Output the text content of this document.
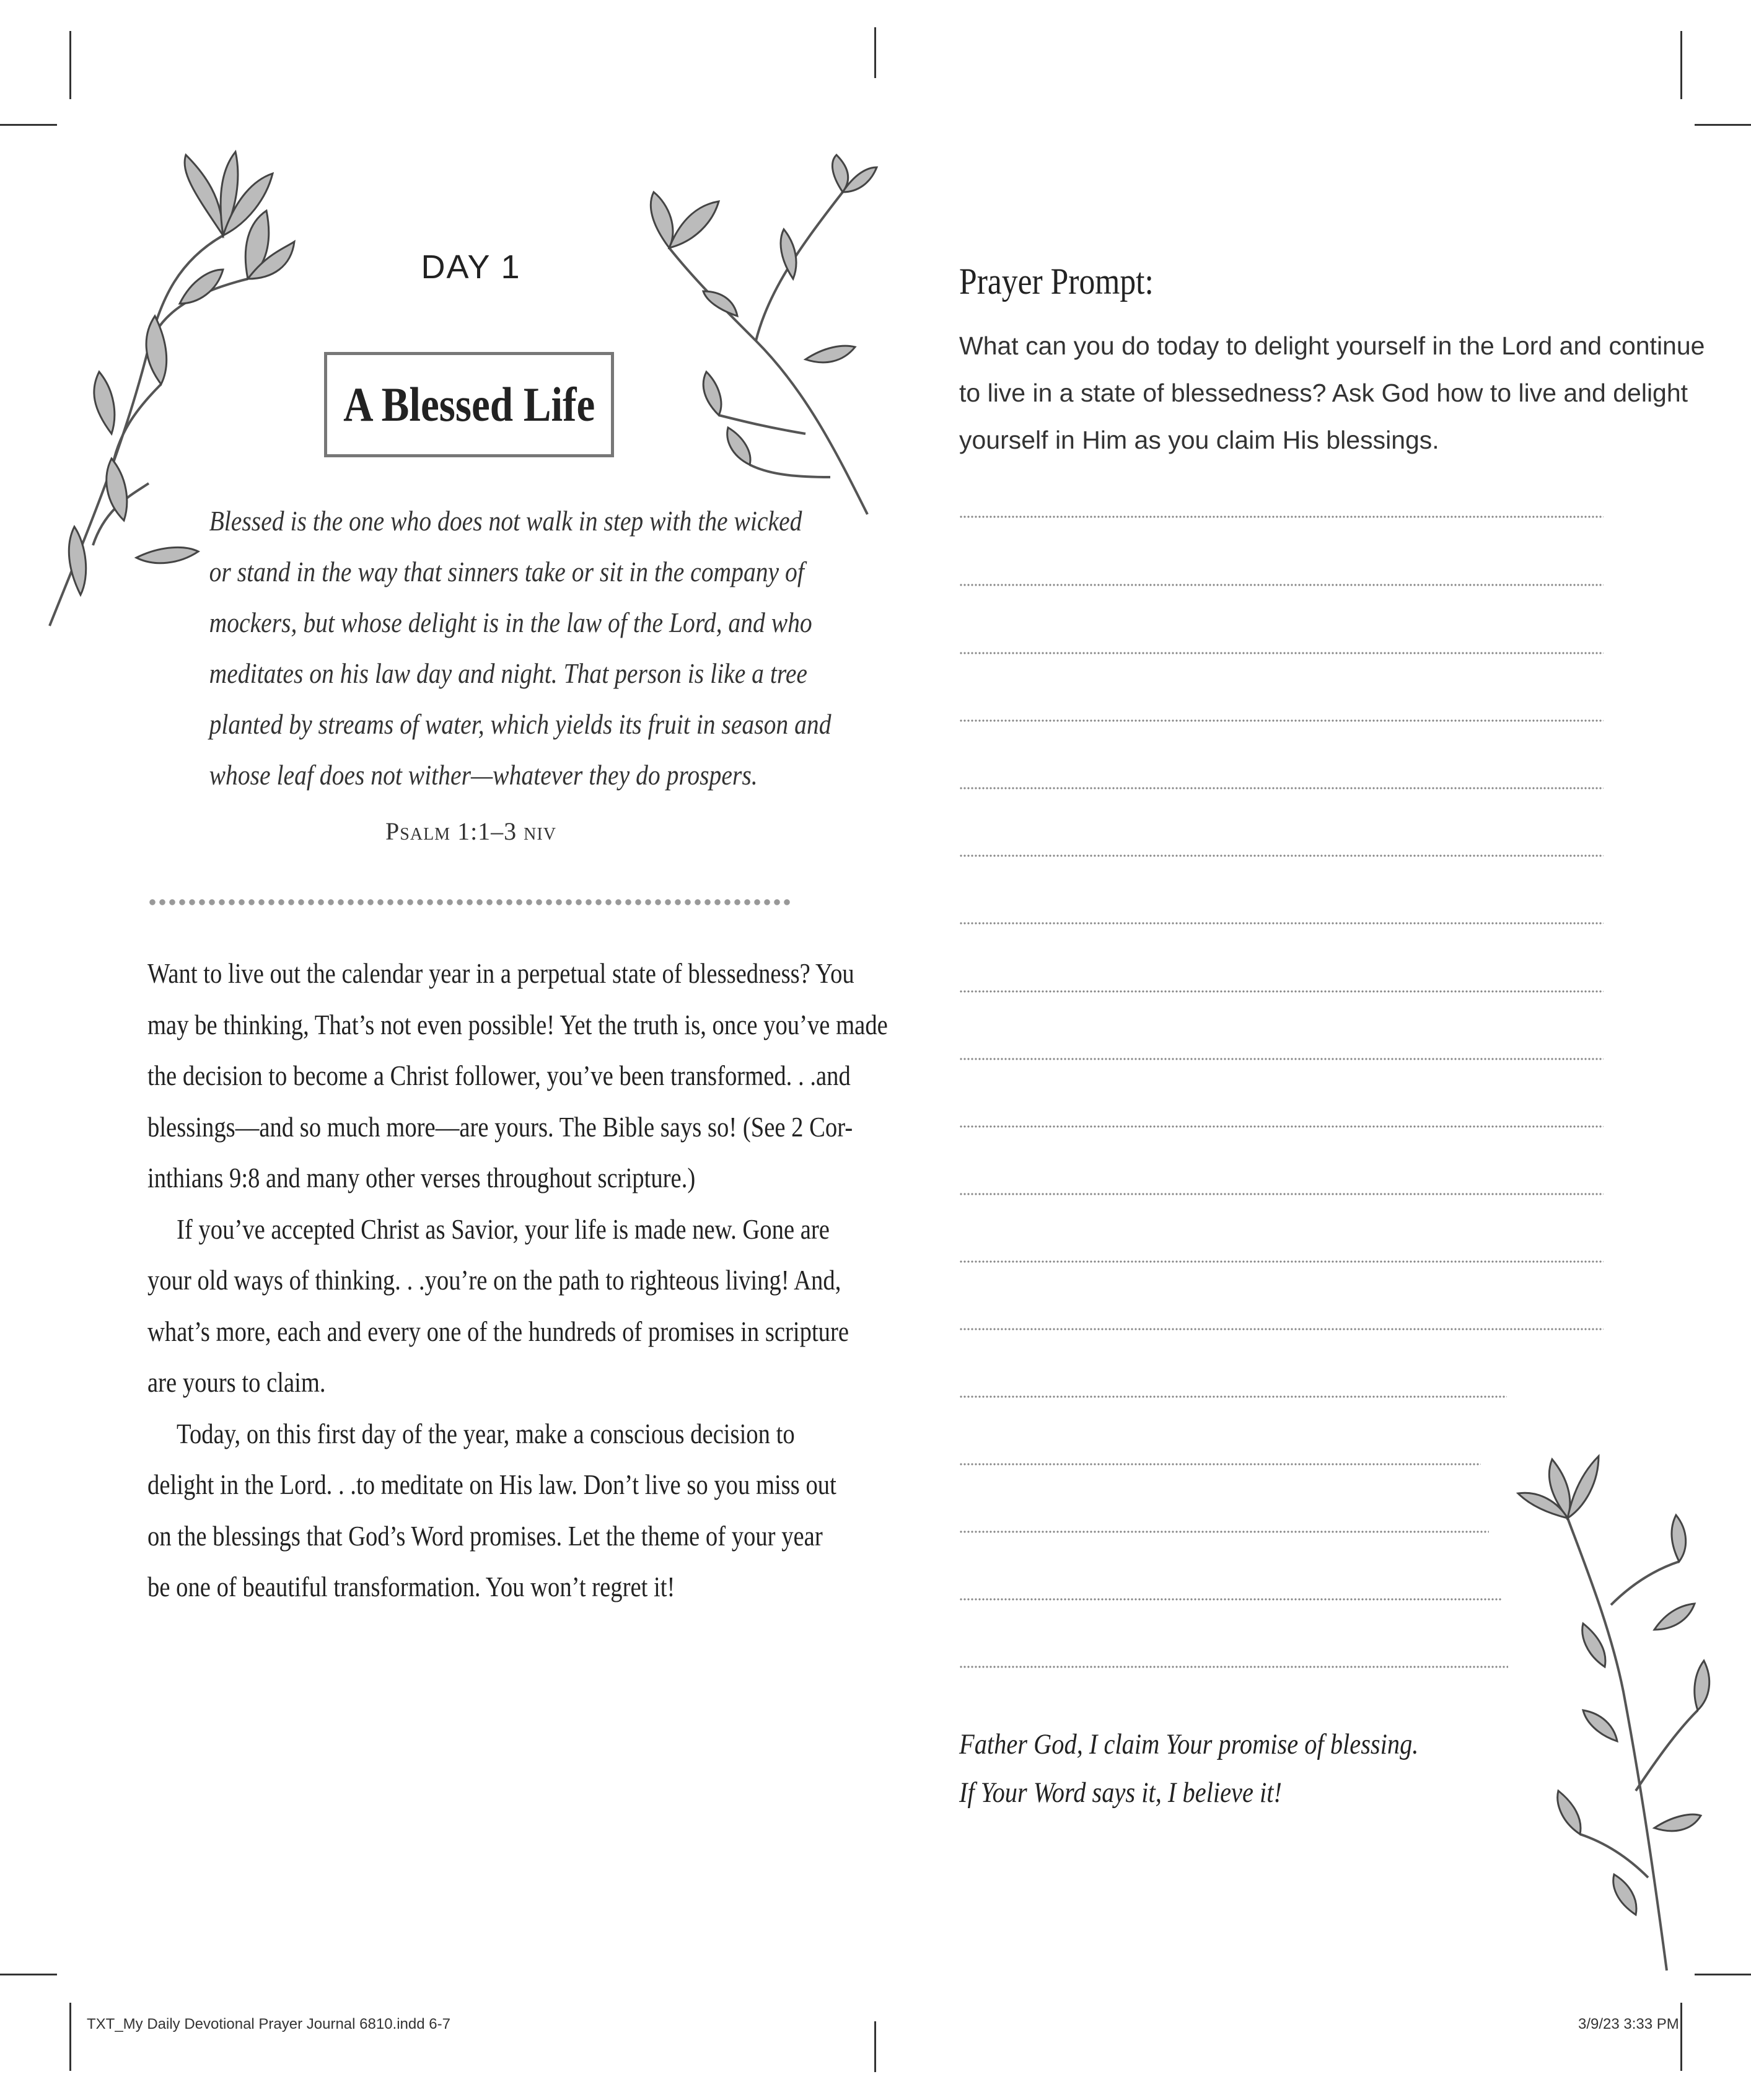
DAY 1
A Blessed Life
Blessed is the one who does not walk in step with the wicked
or stand in the way that sinners take or sit in the company of
mockers, but whose delight is in the law of the Lord, and who
meditates on his law day and night. That person is like a tree
planted by streams of water, which yields its fruit in season and
whose leaf does not wither—whatever they do prospers.
Psalm 1:1–3 niv

Want to live out the calendar year in a perpetual state of blessedness? You
may be thinking, That’s not even possible! Yet the truth is, once you’ve made
the decision to become a Christ follower, you’ve been transformed. . .and
blessings—and so much more—are yours. The Bible says so! (See 2 Cor-
inthians 9:8 and many other verses throughout scripture.)

If you’ve accepted Christ as Savior, your life is made new. Gone are
your old ways of thinking. . .you’re on the path to righteous living! And,
what’s more, each and every one of the hundreds of promises in scripture
are yours to claim.

Today, on this first day of the year, make a conscious decision to
delight in the Lord. . .to meditate on His law. Don’t live so you miss out
on the blessings that God’s Word promises. Let the theme of your year
be one of beautiful transformation. You won’t regret it!

Prayer Prompt:
What can you do today to delight yourself in the Lord and continue
to live in a state of blessedness? Ask God how to live and delight
yourself in Him as you claim His blessings.
Father God, I claim Your promise of blessing.
If Your Word says it, I believe it!
TXT_My Daily Devotional Prayer Journal 6810.indd 6-7	3/9/23 3:33 PM
